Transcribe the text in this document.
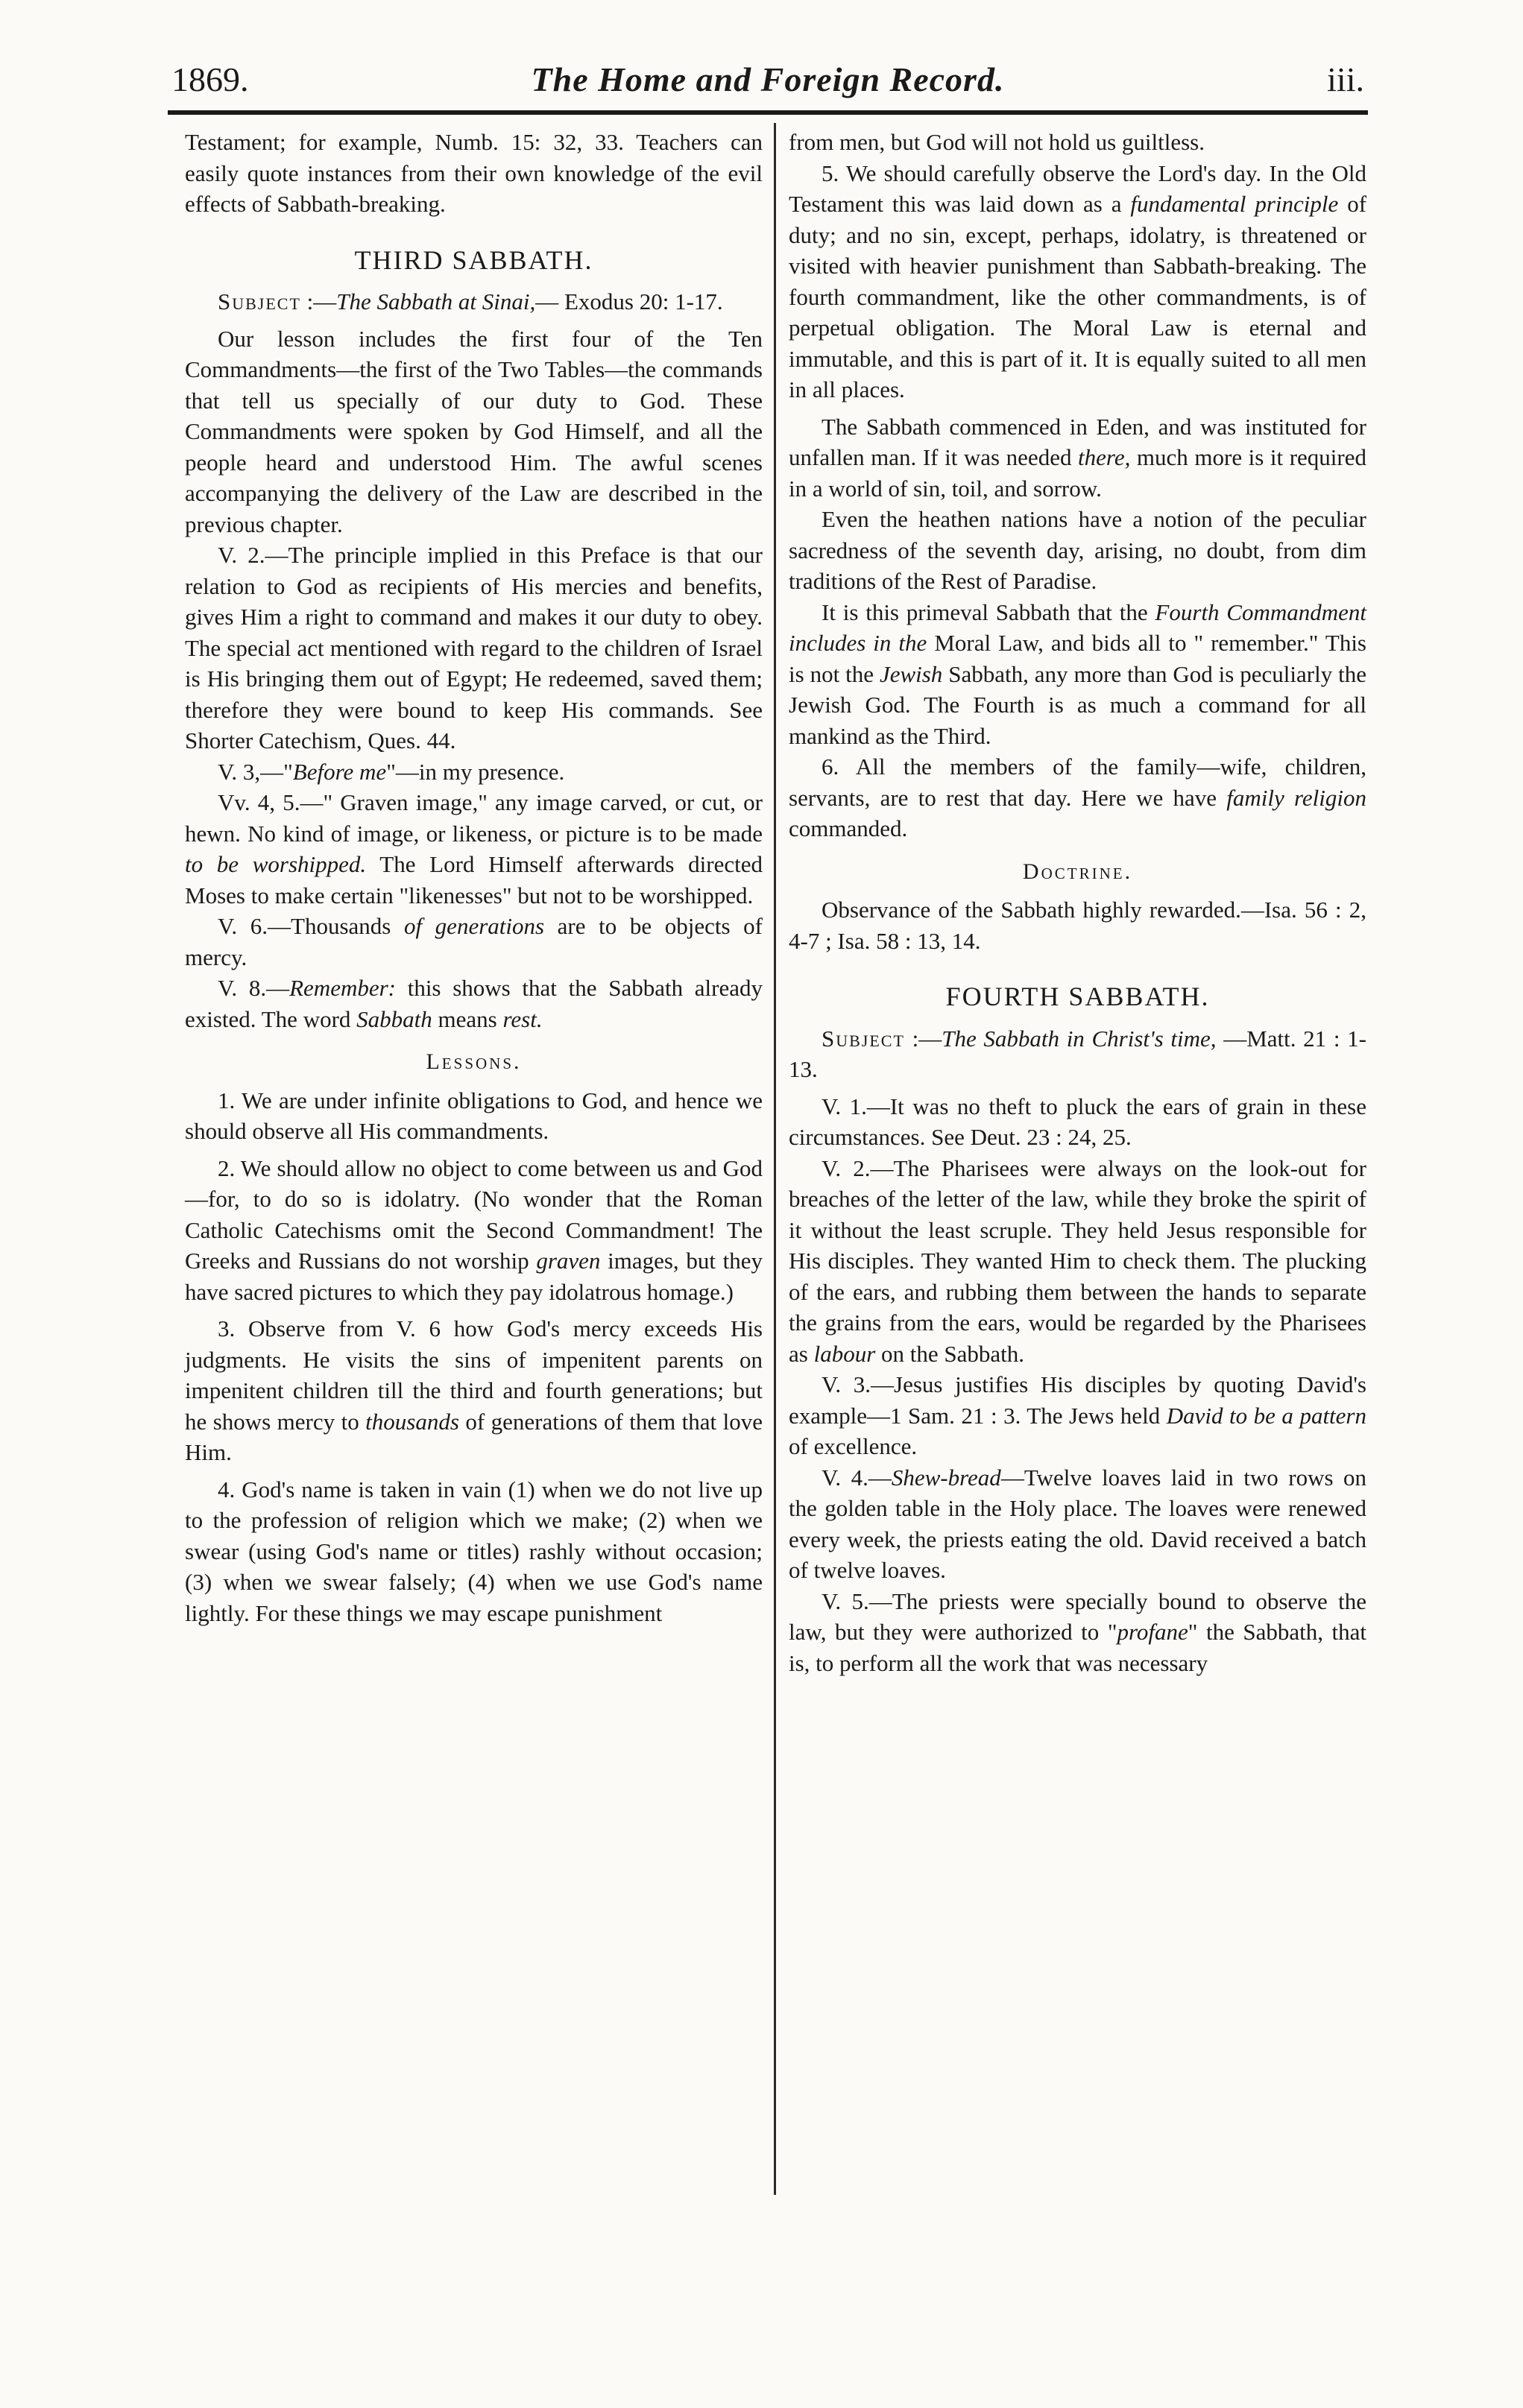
1869.	The Home and Foreign Record.	iii.

Testament; for example, Numb. 15: 32, 33. Teachers can easily quote instances from their own knowledge of the evil effects of Sabbath-breaking.

THIRD SABBATH.

Subject :—The Sabbath at Sinai,— Exodus 20: 1-17.

Our lesson includes the first four of the Ten Commandments—the first of the Two Tables—the commands that tell us specially of our duty to God. These Commandments were spoken by God Himself, and all the people heard and understood Him. The awful scenes accompanying the delivery of the Law are described in the previous chapter.

V. 2.—The principle implied in this Preface is that our relation to God as recipients of His mercies and benefits, gives Him a right to command and makes it our duty to obey. The special act mentioned with regard to the children of Israel is His bringing them out of Egypt; He redeemed, saved them; therefore they were bound to keep His commands. See Shorter Catechism, Ques. 44.

V. 3,—"Before me"—in my presence.

Vv. 4, 5.—" Graven image," any image carved, or cut, or hewn. No kind of image, or likeness, or picture is to be made to be worshipped. The Lord Himself afterwards directed Moses to make certain "likenesses" but not to be worshipped.

V. 6.—Thousands of generations are to be objects of mercy.

V. 8.—Remember: this shows that the Sabbath already existed. The word Sabbath means rest.

Lessons.

1. We are under infinite obligations to God, and hence we should observe all His commandments.

2. We should allow no object to come between us and God—for, to do so is idolatry. (No wonder that the Roman Catholic Catechisms omit the Second Commandment! The Greeks and Russians do not worship graven images, but they have sacred pictures to which they pay idolatrous homage.)

3. Observe from V. 6 how God's mercy exceeds His judgments. He visits the sins of impenitent parents on impenitent children till the third and fourth generations; but he shows mercy to thousands of generations of them that love Him.

4. God's name is taken in vain (1) when we do not live up to the profession of religion which we make; (2) when we swear (using God's name or titles) rashly without occasion; (3) when we swear falsely; (4) when we use God's name lightly. For these things we may escape punishment

from men, but God will not hold us guiltless.

5. We should carefully observe the Lord's day. In the Old Testament this was laid down as a fundamental principle of duty; and no sin, except, perhaps, idolatry, is threatened or visited with heavier punishment than Sabbath-breaking. The fourth commandment, like the other commandments, is of perpetual obligation. The Moral Law is eternal and immutable, and this is part of it. It is equally suited to all men in all places.

The Sabbath commenced in Eden, and was instituted for unfallen man. If it was needed there, much more is it required in a world of sin, toil, and sorrow.

Even the heathen nations have a notion of the peculiar sacredness of the seventh day, arising, no doubt, from dim traditions of the Rest of Paradise.

It is this primeval Sabbath that the Fourth Commandment includes in the Moral Law, and bids all to " remember." This is not the Jewish Sabbath, any more than God is peculiarly the Jewish God. The Fourth is as much a command for all mankind as the Third.

6. All the members of the family—wife, children, servants, are to rest that day. Here we have family religion commanded.

Doctrine.

Observance of the Sabbath highly rewarded.—Isa. 56 : 2, 4-7 ; Isa. 58 : 13, 14.

FOURTH SABBATH.

Subject :—The Sabbath in Christ's time, —Matt. 21 : 1-13.

V. 1.—It was no theft to pluck the ears of grain in these circumstances. See Deut. 23 : 24, 25.

V. 2.—The Pharisees were always on the look-out for breaches of the letter of the law, while they broke the spirit of it without the least scruple. They held Jesus responsible for His disciples. They wanted Him to check them. The plucking of the ears, and rubbing them between the hands to separate the grains from the ears, would be regarded by the Pharisees as labour on the Sabbath.

V. 3.—Jesus justifies His disciples by quoting David's example—1 Sam. 21 : 3. The Jews held David to be a pattern of excellence.

V. 4.—Shew-bread—Twelve loaves laid in two rows on the golden table in the Holy place. The loaves were renewed every week, the priests eating the old. David received a batch of twelve loaves.

V. 5.—The priests were specially bound to observe the law, but they were authorized to "profane" the Sabbath, that is, to perform all the work that was necessary
